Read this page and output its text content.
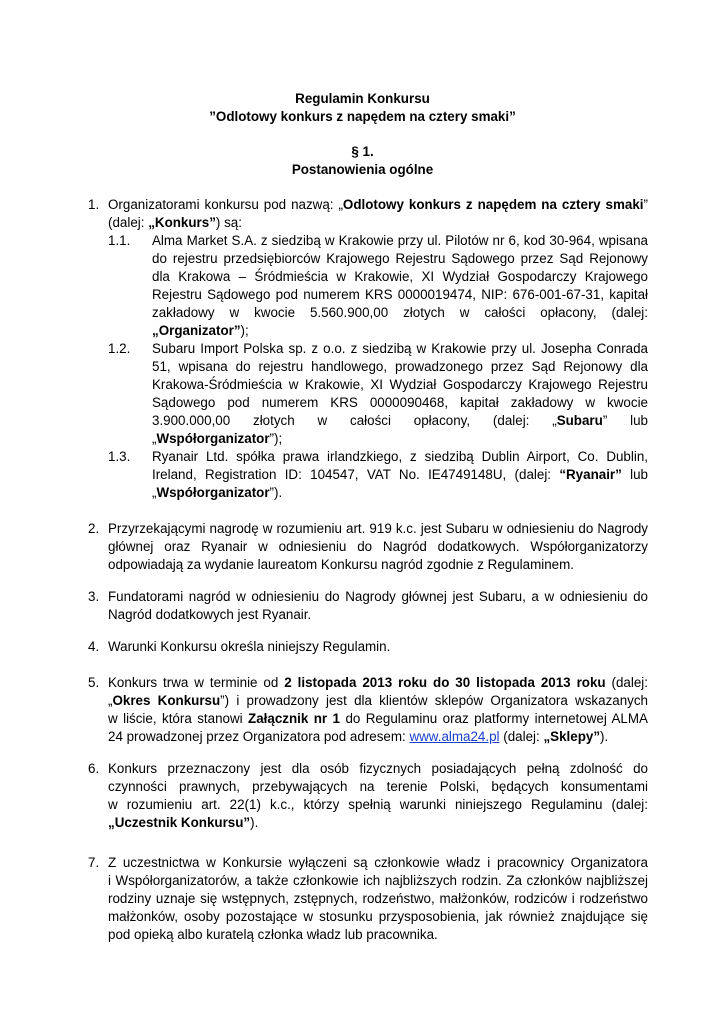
Regulamin Konkursu
”Odlotowy konkurs z napędem na cztery smaki”
§ 1.
Postanowienia ogólne
1. Organizatorami konkursu pod nazwą: „Odlotowy konkurs z napędem na cztery smaki”
(dalej: „Konkurs”) są:
1.1. Alma Market S.A. z siedzibą w Krakowie przy ul. Pilotów nr 6, kod 30-964, wpisana
do rejestru przedsiębiorców Krajowego Rejestru Sądowego przez Sąd Rejonowy
dla Krakowa – Śródmieścia w Krakowie, XI Wydział Gospodarczy Krajowego
Rejestru Sądowego pod numerem KRS 0000019474, NIP: 676-001-67-31, kapitał
zakładowy w kwocie 5.560.900,00 złotych w całości opłacony, (dalej:
„Organizator”);
1.2. Subaru Import Polska sp. z o.o. z siedzibą w Krakowie przy ul. Josepha Conrada
51, wpisana do rejestru handlowego, prowadzonego przez Sąd Rejonowy dla
Krakowa-Śródmieścia w Krakowie, XI Wydział Gospodarczy Krajowego Rejestru
Sądowego pod numerem KRS 0000090468, kapitał zakładowy w kwocie
3.900.000,00 złotych w całości opłacony, (dalej: „Subaru” lub
„Współorganizator”);
1.3. Ryanair Ltd. spółka prawa irlandzkiego, z siedzibą Dublin Airport, Co. Dublin,
Ireland, Registration ID: 104547, VAT No. IE4749148U, (dalej: “Ryanair” lub
„Współorganizator”).
2. Przyrzekającymi nagrodę w rozumieniu art. 919 k.c. jest Subaru w odniesieniu do Nagrody
głównej oraz Ryanair w odniesieniu do Nagród dodatkowych. Współorganizatorzy
odpowiadają za wydanie laureatom Konkursu nagród zgodnie z Regulaminem.
3. Fundatorami nagród w odniesieniu do Nagrody głównej jest Subaru, a w odniesieniu do
Nagród dodatkowych jest Ryanair.
4. Warunki Konkursu określa niniejszy Regulamin.
5. Konkurs trwa w terminie od 2 listopada 2013 roku do 30 listopada 2013 roku (dalej:
„Okres Konkursu”) i prowadzony jest dla klientów sklepów Organizatora wskazanych
w liście, która stanowi Załącznik nr 1 do Regulaminu oraz platformy internetowej ALMA
24 prowadzonej przez Organizatora pod adresem: www.alma24.pl (dalej: „Sklepy”).
6. Konkurs przeznaczony jest dla osób fizycznych posiadających pełną zdolność do
czynności prawnych, przebywających na terenie Polski, będących konsumentami
w rozumieniu art. 22(1) k.c., którzy spełnią warunki niniejszego Regulaminu (dalej:
„Uczestnik Konkursu”).
7. Z uczestnictwa w Konkursie wyłączeni są członkowie władz i pracownicy Organizatora
i Współorganizatorów, a także członkowie ich najbliższych rodzin. Za członków najbliższej
rodziny uznaje się wstępnych, zstępnych, rodzeństwo, małżonków, rodziców i rodzeństwo
małżonków, osoby pozostające w stosunku przysposobienia, jak również znajdujące się
pod opieką albo kuratelą członka władz lub pracownika.
